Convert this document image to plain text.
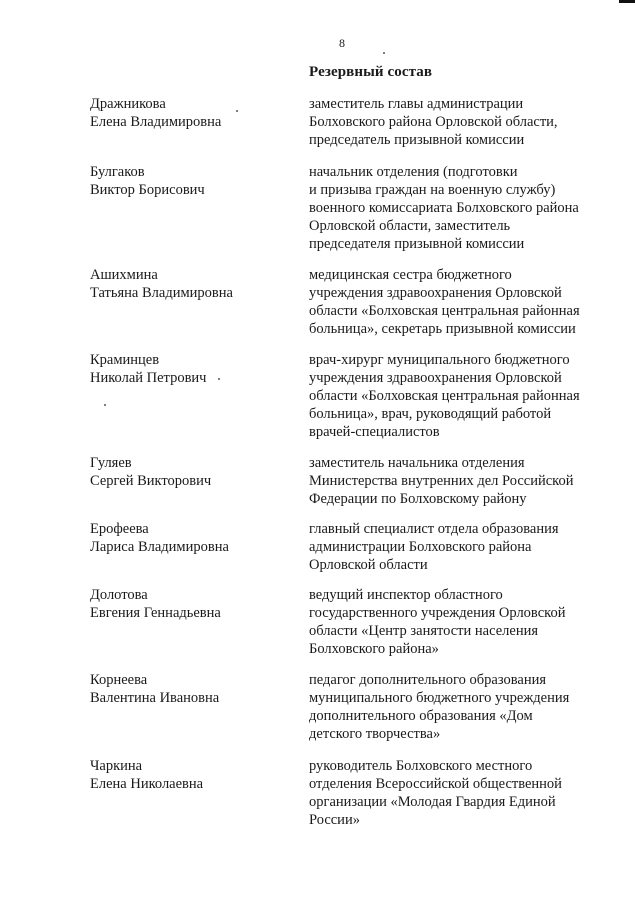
8
Резервный состав
Дражникова
Елена Владимировна
заместитель главы администрации
Болховского района Орловской области,
председатель призывной комиссии
Булгаков
Виктор Борисович
начальник отделения (подготовки
и призыва граждан на военную службу)
военного комиссариата Болховского района
Орловской области, заместитель
председателя призывной комиссии
Ашихмина
Татьяна Владимировна
медицинская сестра бюджетного
учреждения здравоохранения Орловской
области «Болховская центральная районная
больница», секретарь призывной комиссии
Краминцев
Николай Петрович
врач-хирург муниципального бюджетного
учреждения здравоохранения Орловской
области «Болховская центральная районная
больница», врач, руководящий работой
врачей-специалистов
Гуляев
Сергей Викторович
заместитель начальника отделения
Министерства внутренних дел Российской
Федерации по Болховскому району
Ерофеева
Лариса Владимировна
главный специалист отдела образования
администрации Болховского района
Орловской области
Долотова
Евгения Геннадьевна
ведущий инспектор областного
государственного учреждения Орловской
области «Центр занятости населения
Болховского района»
Корнеева
Валентина Ивановна
педагог дополнительного образования
муниципального бюджетного учреждения
дополнительного образования «Дом
детского творчества»
Чаркина
Елена Николаевна
руководитель Болховского местного
отделения Всероссийской общественной
организации «Молодая Гвардия Единой
России»
